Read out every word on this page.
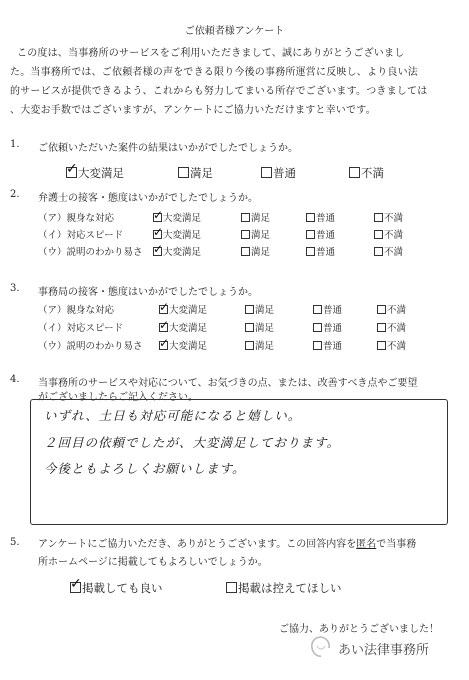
ご依頼者様アンケート
この度は、当事務所のサービスをご利用いただきまして、誠にありがとうございまし
た。当事務所では、ご依頼者様の声をできる限り今後の事務所運営に反映し、より良い法
的サービスが提供できるよう、これからも努力してまいる所存でございます。つきましては
、大変お手数ではございますが、アンケートにご協力いただけますと幸いです。
1. ご依頼いただいた案件の結果はいかがでしたでしょうか。
✓ 大変満足	満足	普通	不満
2. 弁護士の接客・態度はいかがでしたでしょうか。
（ア）親身な対応	✓ 大変満足	満足	普通	不満
（イ）対応スピード ✓ 大変満足	満足	普通	不満
（ウ）説明のわかり易さ ✓ 大変満足	満足	普通	不満
3. 事務局の接客・態度はいかがでしたでしょうか。
（ア）親身な対応	✓ 大変満足	満足	普通	不満
（イ）対応スピード	✓ 大変満足	満足	普通	不満
（ウ）説明のわかり易さ ✓ 大変満足	満足	普通	不満
4. 当事務所のサービスや対応について、お気づきの点、または、改善すべき点やご要望
がございましたらご記入ください。
いずれ、土日も対応可能になると嬉しい。
２回目の依頼でしたが、大変満足しております。
今後ともよろしくお願いします。
5. アンケートにご協力いただき、ありがとうございます。この回答内容を匿名で当事務
所ホームページに掲載してもよろしいでしょうか。
✓ 掲載しても良い	掲載は控えてほしい
ご協力、ありがとうございました！
あい法律事務所
